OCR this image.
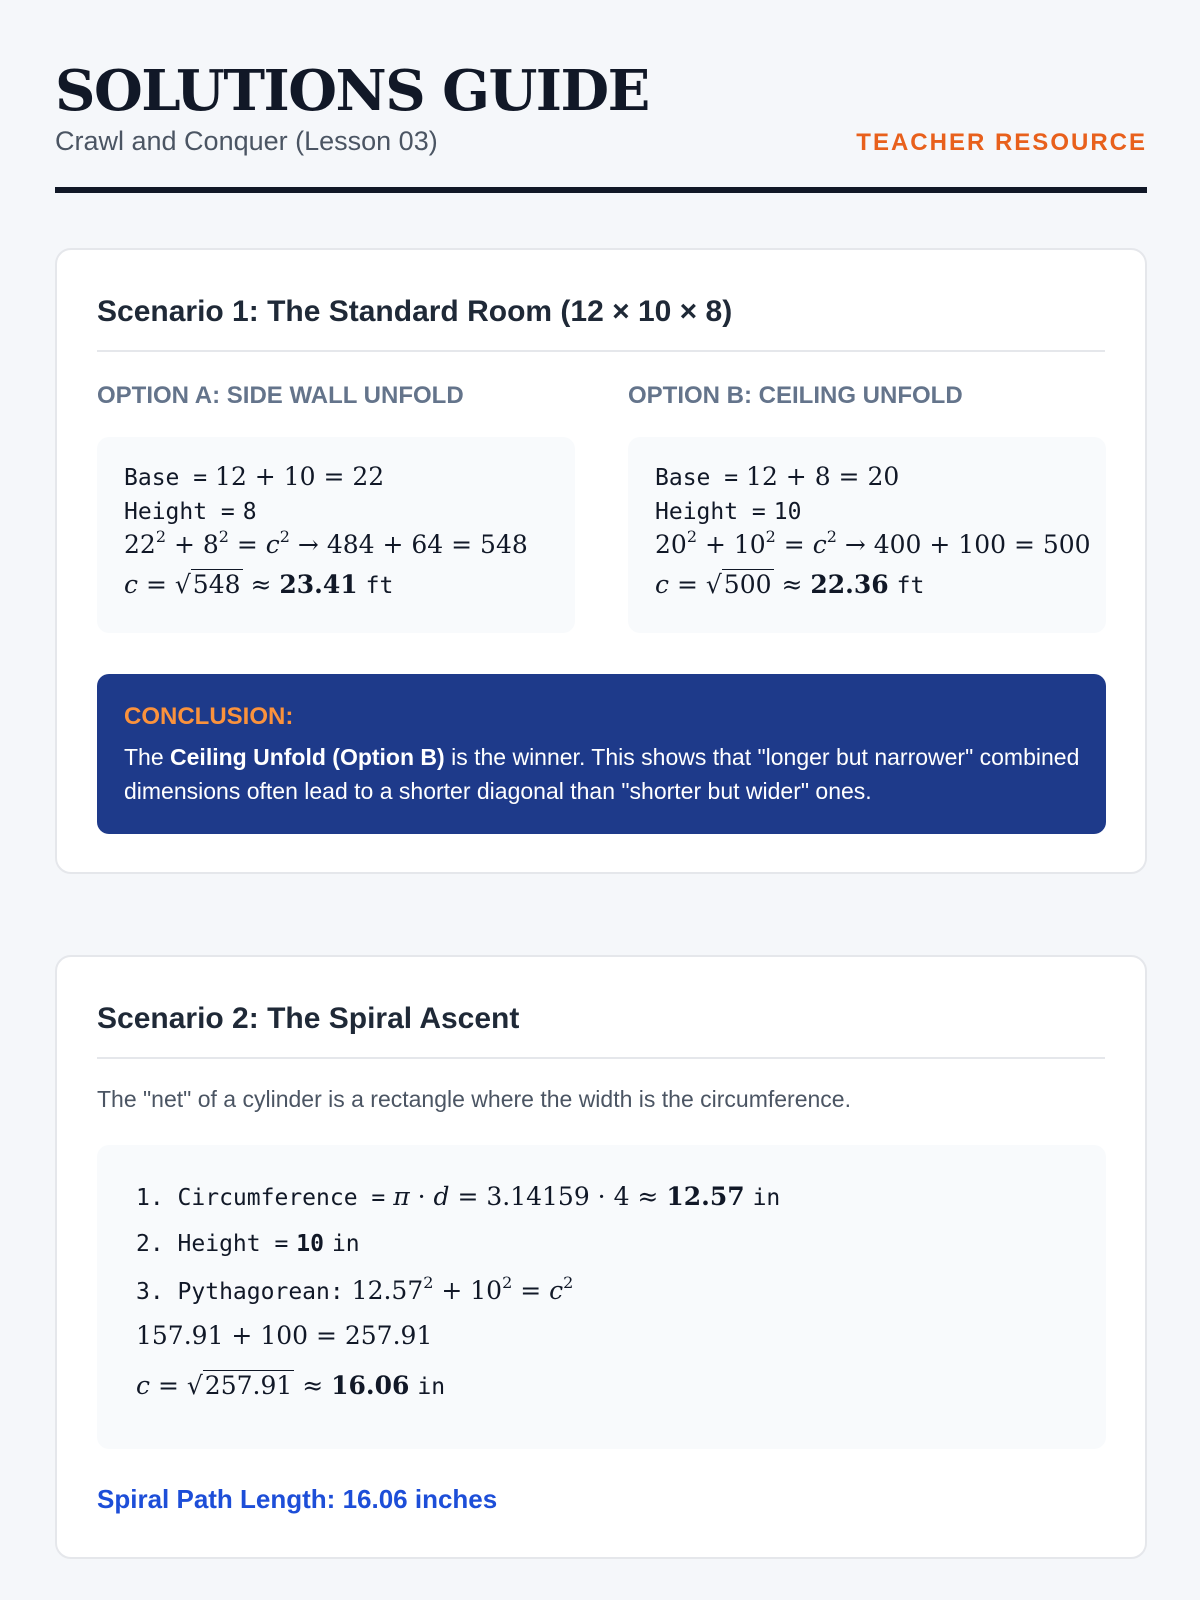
SOLUTIONS GUIDE
Crawl and Conquer (Lesson 03)	TEACHER RESOURCE
Scenario 1: The Standard Room (12 × 10 × 8)
OPTION A: SIDE WALL UNFOLD	OPTION B: CEILING UNFOLD
Base = 12 + 10 = 22
Height = 8
$22^2 + 8^2 = c^2 \to 484 + 64 = 548$
c = √548 ≈ 23.41 ft
Base = 12 + 8 = 20
Height = 10
$20^2 + 10^2 = c^2 \to 400 + 100 = 500$
c = √500 ≈ 22.36 ft
CONCLUSION:
The Ceiling Unfold (Option B) is the winner. This shows that "longer but narrower" combined dimensions often lead to a shorter diagonal than "shorter but wider" ones.
Scenario 2: The Spiral Ascent
The "net" of a cylinder is a rectangle where the width is the circumference.
1. Circumference = π · d = 3.14159 · 4 ≈ 12.57 in
2. Height = 10 in
3. Pythagorean: $12.57^2 + 10^2 = c^2$
157.91 + 100 = 257.91
c = √257.91 ≈ 16.06 in
Spiral Path Length: 16.06 inches
